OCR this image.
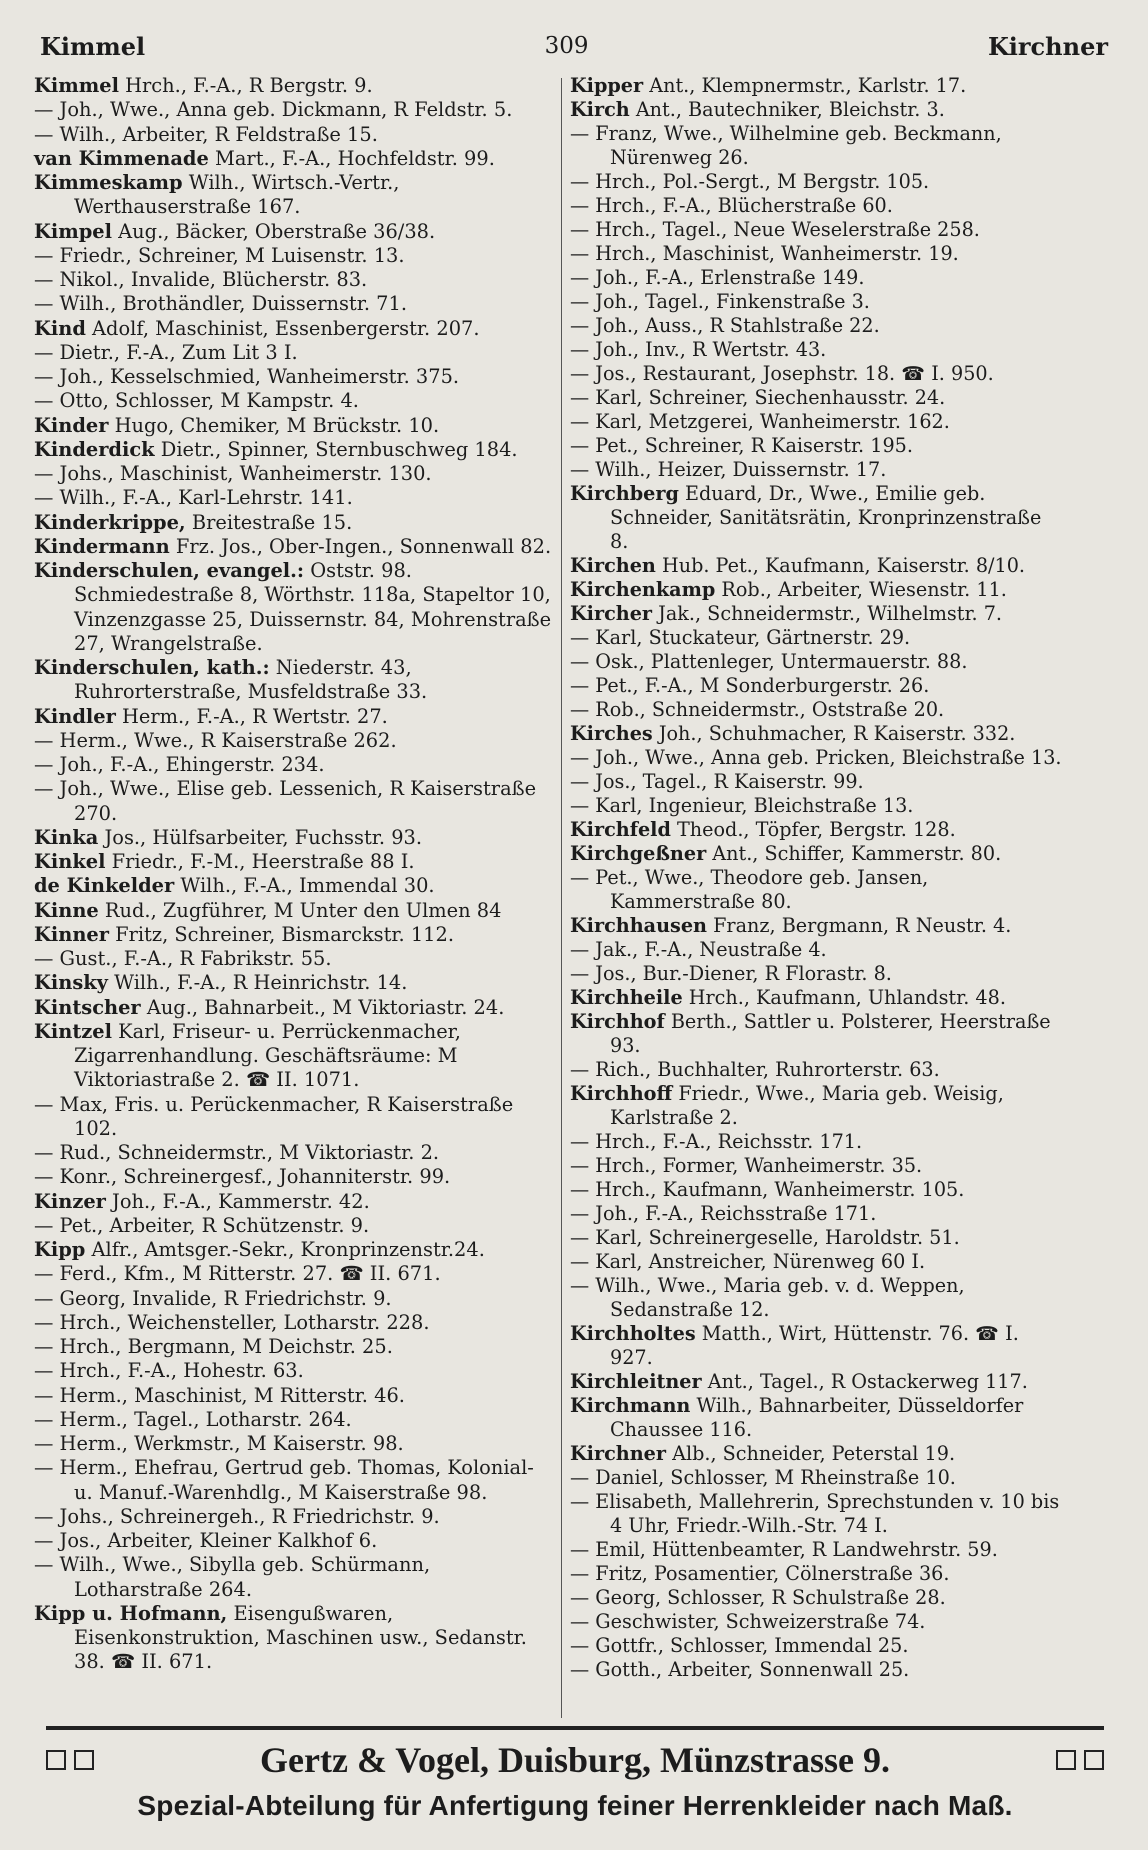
Kimmel	309	Kirchner

Kimmel Hrch., F.-A., R Bergstr. 9.

— Joh., Wwe., Anna geb. Dickmann, R Feldstr. 5.

— Wilh., Arbeiter, R Feldstraße 15.

van Kimmenade Mart., F.-A., Hochfeldstr. 99.

Kimmeskamp Wilh., Wirtsch.-Vertr., Werthauserstraße 167.

Kimpel Aug., Bäcker, Oberstraße 36/38.

— Friedr., Schreiner, M Luisenstr. 13.

— Nikol., Invalide, Blücherstr. 83.

— Wilh., Brothändler, Duissernstr. 71.

Kind Adolf, Maschinist, Essenbergerstr. 207.

— Dietr., F.-A., Zum Lit 3 I.

— Joh., Kesselschmied, Wanheimerstr. 375.

— Otto, Schlosser, M Kampstr. 4.

Kinder Hugo, Chemiker, M Brückstr. 10.

Kinderdick Dietr., Spinner, Sternbuschweg 184.

— Johs., Maschinist, Wanheimerstr. 130.

— Wilh., F.-A., Karl-Lehrstr. 141.

Kinderkrippe, Breitestraße 15.

Kindermann Frz. Jos., Ober-Ingen., Sonnenwall 82.

Kinderschulen, evangel.: Oststr. 98. Schmiedestraße 8, Wörthstr. 118a, Stapeltor 10, Vinzenzgasse 25, Duissernstr. 84, Mohrenstraße 27, Wrangelstraße.

Kinderschulen, kath.: Niederstr. 43, Ruhrorterstraße, Musfeldstraße 33.

Kindler Herm., F.-A., R Wertstr. 27.

— Herm., Wwe., R Kaiserstraße 262.

— Joh., F.-A., Ehingerstr. 234.

— Joh., Wwe., Elise geb. Lessenich, R Kaiserstraße 270.

Kinka Jos., Hülfsarbeiter, Fuchsstr. 93.

Kinkel Friedr., F.-M., Heerstraße 88 I.

de Kinkelder Wilh., F.-A., Immendal 30.

Kinne Rud., Zugführer, M Unter den Ulmen 84

Kinner Fritz, Schreiner, Bismarckstr. 112.

— Gust., F.-A., R Fabrikstr. 55.

Kinsky Wilh., F.-A., R Heinrichstr. 14.

Kintscher Aug., Bahnarbeit., M Viktoriastr. 24.

Kintzel Karl, Friseur- u. Perrückenmacher, Zigarrenhandlung. Geschäftsräume: M Viktoriastraße 2. ☎ II. 1071.

— Max, Fris. u. Perückenmacher, R Kaiserstraße 102.

— Rud., Schneidermstr., M Viktoriastr. 2.

— Konr., Schreinergesf., Johanniterstr. 99.

Kinzer Joh., F.-A., Kammerstr. 42.

— Pet., Arbeiter, R Schützenstr. 9.

Kipp Alfr., Amtsger.-Sekr., Kronprinzenstr.24.

— Ferd., Kfm., M Ritterstr. 27. ☎ II. 671.

— Georg, Invalide, R Friedrichstr. 9.

— Hrch., Weichensteller, Lotharstr. 228.

— Hrch., Bergmann, M Deichstr. 25.

— Hrch., F.-A., Hohestr. 63.

— Herm., Maschinist, M Ritterstr. 46.

— Herm., Tagel., Lotharstr. 264.

— Herm., Werkmstr., M Kaiserstr. 98.

— Herm., Ehefrau, Gertrud geb. Thomas, Kolonial- u. Manuf.-Warenhdlg., M Kaiserstraße 98.

— Johs., Schreinergeh., R Friedrichstr. 9.

— Jos., Arbeiter, Kleiner Kalkhof 6.

— Wilh., Wwe., Sibylla geb. Schürmann, Lotharstraße 264.

Kipp u. Hofmann, Eisengußwaren, Eisenkonstruktion, Maschinen usw., Sedanstr. 38. ☎ II. 671.

Kipper Ant., Klempnermstr., Karlstr. 17.

Kirch Ant., Bautechniker, Bleichstr. 3.

— Franz, Wwe., Wilhelmine geb. Beckmann, Nürenweg 26.

— Hrch., Pol.-Sergt., M Bergstr. 105.

— Hrch., F.-A., Blücherstraße 60.

— Hrch., Tagel., Neue Weselerstraße 258.

— Hrch., Maschinist, Wanheimerstr. 19.

— Joh., F.-A., Erlenstraße 149.

— Joh., Tagel., Finkenstraße 3.

— Joh., Auss., R Stahlstraße 22.

— Joh., Inv., R Wertstr. 43.

— Jos., Restaurant, Josephstr. 18. ☎ I. 950.

— Karl, Schreiner, Siechenhausstr. 24.

— Karl, Metzgerei, Wanheimerstr. 162.

— Pet., Schreiner, R Kaiserstr. 195.

— Wilh., Heizer, Duissernstr. 17.

Kirchberg Eduard, Dr., Wwe., Emilie geb. Schneider, Sanitätsrätin, Kronprinzenstraße 8.

Kirchen Hub. Pet., Kaufmann, Kaiserstr. 8/10.

Kirchenkamp Rob., Arbeiter, Wiesenstr. 11.

Kircher Jak., Schneidermstr., Wilhelmstr. 7.

— Karl, Stuckateur, Gärtnerstr. 29.

— Osk., Plattenleger, Untermauerstr. 88.

— Pet., F.-A., M Sonderburgerstr. 26.

— Rob., Schneidermstr., Oststraße 20.

Kirches Joh., Schuhmacher, R Kaiserstr. 332.

— Joh., Wwe., Anna geb. Pricken, Bleichstraße 13.

— Jos., Tagel., R Kaiserstr. 99.

— Karl, Ingenieur, Bleichstraße 13.

Kirchfeld Theod., Töpfer, Bergstr. 128.

Kirchgeßner Ant., Schiffer, Kammerstr. 80.

— Pet., Wwe., Theodore geb. Jansen, Kammerstraße 80.

Kirchhausen Franz, Bergmann, R Neustr. 4.

— Jak., F.-A., Neustraße 4.

— Jos., Bur.-Diener, R Florastr. 8.

Kirchheile Hrch., Kaufmann, Uhlandstr. 48.

Kirchhof Berth., Sattler u. Polsterer, Heerstraße 93.

— Rich., Buchhalter, Ruhrorterstr. 63.

Kirchhoff Friedr., Wwe., Maria geb. Weisig, Karlstraße 2.

— Hrch., F.-A., Reichsstr. 171.

— Hrch., Former, Wanheimerstr. 35.

— Hrch., Kaufmann, Wanheimerstr. 105.

— Joh., F.-A., Reichsstraße 171.

— Karl, Schreinergeselle, Haroldstr. 51.

— Karl, Anstreicher, Nürenweg 60 I.

— Wilh., Wwe., Maria geb. v. d. Weppen, Sedanstraße 12.

Kirchholtes Matth., Wirt, Hüttenstr. 76. ☎ I. 927.

Kirchleitner Ant., Tagel., R Ostackerweg 117.

Kirchmann Wilh., Bahnarbeiter, Düsseldorfer Chaussee 116.

Kirchner Alb., Schneider, Peterstal 19.

— Daniel, Schlosser, M Rheinstraße 10.

— Elisabeth, Mallehrerin, Sprechstunden v. 10 bis 4 Uhr, Friedr.-Wilh.-Str. 74 I.

— Emil, Hüttenbeamter, R Landwehrstr. 59.

— Fritz, Posamentier, Cölnerstraße 36.

— Georg, Schlosser, R Schulstraße 28.

— Geschwister, Schweizerstraße 74.

— Gottfr., Schlosser, Immendal 25.

— Gotth., Arbeiter, Sonnenwall 25.

Gertz & Vogel, Duisburg, Münzstrasse 9.
Spezial-Abteilung für Anfertigung feiner Herrenkleider nach Maß.
